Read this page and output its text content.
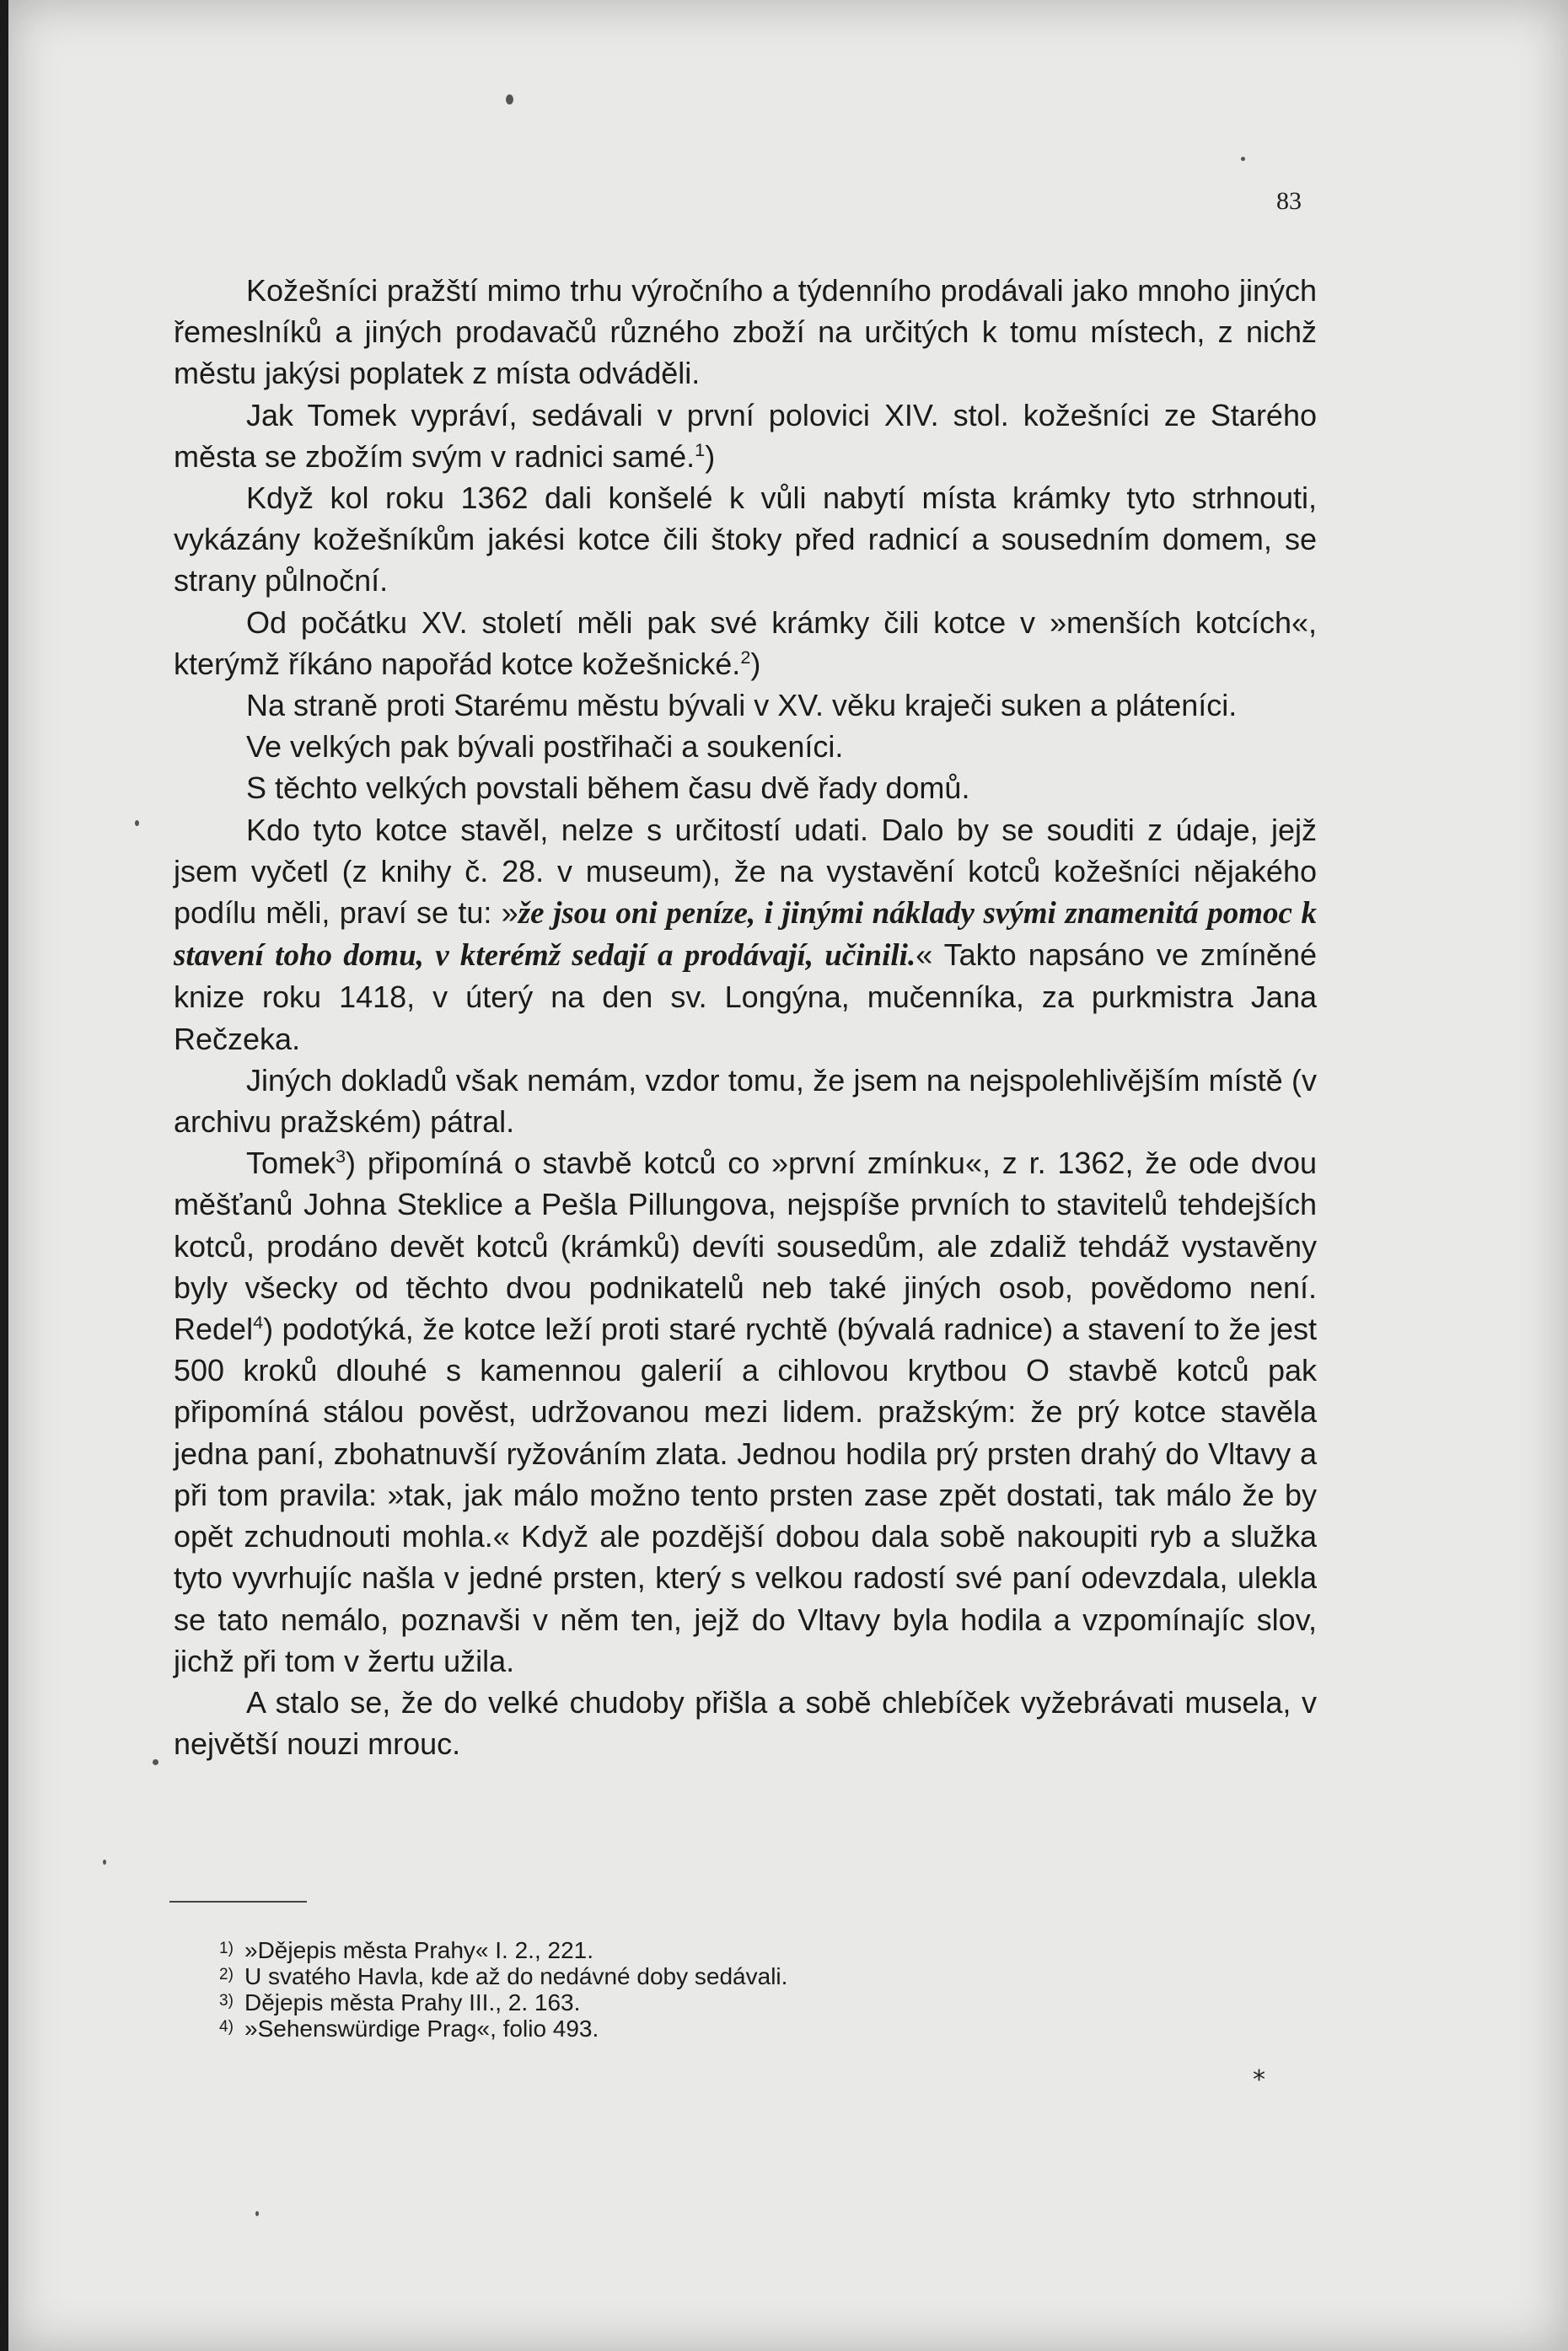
83

Kožešníci pražští mimo trhu výročního a týdenního prodávali jako mnoho jiných řemeslníků a jiných prodavačů různého zboží na určitých k tomu místech, z nichž městu jakýsi poplatek z místa odváděli.

Jak Tomek vypráví, sedávali v první polovici XIV. stol. kožešníci ze Starého města se zbožím svým v radnici samé.$^1$)

Když kol roku 1362 dali konšelé k vůli nabytí místa krámky tyto strhnouti, vykázány kožešníkům jakési kotce čili štoky před radnicí a sousedním domem, se strany půlnoční.

Od počátku XV. století měli pak své krámky čili kotce v »menších kotcích«, kterýmž říkáno napořád kotce kožešnické.$^2$)

Na straně proti Starému městu bývali v XV. věku kraječi suken a pláteníci.

Ve velkých pak bývali postřihači a soukeníci.

S těchto velkých povstali během času dvě řady domů.

Kdo tyto kotce stavěl, nelze s určitostí udati. Dalo by se souditi z údaje, jejž jsem vyčetl (z knihy č. 28. v museum), že na vystavění kotců kožešníci nějakého podílu měli, praví se tu: »že jsou oni peníze, i jinými náklady svými znamenitá pomoc k stavení toho domu, v kterémž sedají a prodávají, učinili.« Takto napsáno ve zmíněné knize roku 1418, v úterý na den sv. Longýna, mučenníka, za purkmistra Jana Rečzeka.

Jiných dokladů však nemám, vzdor tomu, že jsem na nejspolehlivějším místě (v archivu pražském) pátral.

Tomek$^3$) připomíná o stavbě kotců co »první zmínku«, z r. 1362, že ode dvou měšťanů Johna Steklice a Pešla Pillungova, nejspíše prvních to stavitelů tehdejších kotců, prodáno devět kotců (krámků) devíti sousedům, ale zdaliž tehdáž vystavěny byly všecky od těchto dvou podnikatelů neb také jiných osob, povědomo není. Redel$^4$) podotýká, že kotce leží proti staré rychtě (bývalá radnice) a stavení to že jest 500 kroků dlouhé s kamennou galerií a cihlovou krytbou O stavbě kotců pak připomíná stálou pověst, udržovanou mezi lidem. pražským: že prý kotce stavěla jedna paní, zbohatnuvší ryžováním zlata. Jednou hodila prý prsten drahý do Vltavy a při tom pravila: »tak, jak málo možno tento prsten zase zpět dostati, tak málo že by opět zchudnouti mohla.« Když ale pozdější dobou dala sobě nakoupiti ryb a služka tyto vyvrhujíc našla v jedné prsten, který s velkou radostí své paní odevzdala, ulekla se tato nemálo, poznavši v něm ten, jejž do Vltavy byla hodila a vzpomínajíc slov, jichž při tom v žertu užila.

A stalo se, že do velké chudoby přišla a sobě chlebíček vyžebrávati musela, v největší nouzi mrouc.

1) »Dějepis města Prahy« I. 2., 221.
2) U svatého Havla, kde až do nedávné doby sedávali.
3) Dějepis města Prahy III., 2. 163.
4) »Sehenswürdige Prag«, folio 493.
*
